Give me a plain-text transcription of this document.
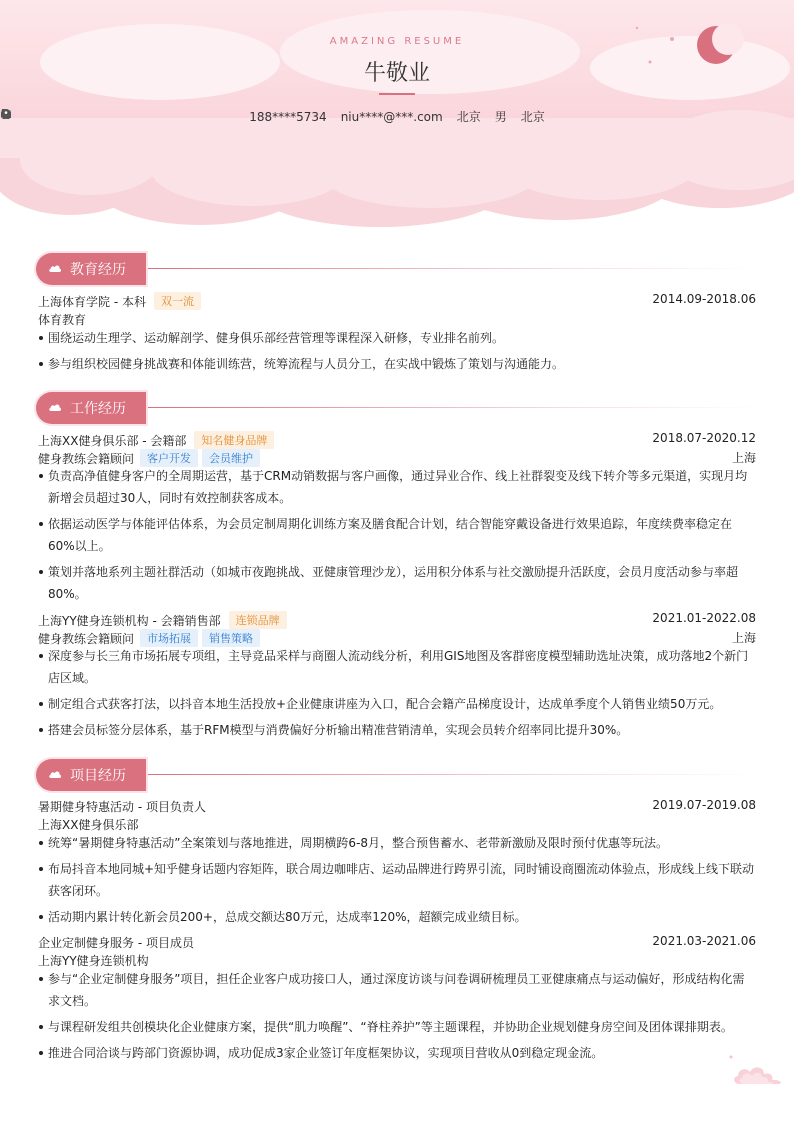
AMAZING RESUME
牛敬业
188****5734 niu****@***.com 北京 男 北京
教育经历
上海体育学院 - 本科	双一流	2014.09-2018.06
体育教育
围绕运动生理学、运动解剖学、健身俱乐部经营管理等课程深入研修，专业排名前列。
参与组织校园健身挑战赛和体能训练营，统筹流程与人员分工，在实战中锻炼了策划与沟通能力。
工作经历
上海XX健身俱乐部 - 会籍部	知名健身品牌	2018.07-2020.12
健身教练会籍顾问	客户开发	会员维护	上海
负责高净值健身客户的全周期运营，基于CRM动销数据与客户画像，通过异业合作、线上社群裂变及线下转介等多元渠道，实现月均新增会员超过30人，同时有效控制获客成本。
依据运动医学与体能评估体系，为会员定制周期化训练方案及膳食配合计划，结合智能穿戴设备进行效果追踪，年度续费率稳定在60%以上。
策划并落地系列主题社群活动（如城市夜跑挑战、亚健康管理沙龙），运用积分体系与社交激励提升活跃度，会员月度活动参与率超80%。
上海YY健身连锁机构 - 会籍销售部	连锁品牌	2021.01-2022.08
健身教练会籍顾问	市场拓展	销售策略	上海
深度参与长三角市场拓展专项组，主导竞品采样与商圈人流动线分析，利用GIS地图及客群密度模型辅助选址决策，成功落地2个新门店区域。
制定组合式获客打法，以抖音本地生活投放+企业健康讲座为入口，配合会籍产品梯度设计，达成单季度个人销售业绩50万元。
搭建会员标签分层体系，基于RFM模型与消费偏好分析输出精准营销清单，实现会员转介绍率同比提升30%。
项目经历
暑期健身特惠活动 - 项目负责人	2019.07-2019.08
上海XX健身俱乐部
统筹“暑期健身特惠活动”全案策划与落地推进，周期横跨6-8月，整合预售蓄水、老带新激励及限时预付优惠等玩法。
布局抖音本地同城+知乎健身话题内容矩阵，联合周边咖啡店、运动品牌进行跨界引流，同时铺设商圈流动体验点，形成线上线下联动获客闭环。
活动期内累计转化新会员200+，总成交额达80万元，达成率120%，超额完成业绩目标。
企业定制健身服务 - 项目成员	2021.03-2021.06
上海YY健身连锁机构
参与“企业定制健身服务”项目，担任企业客户成功接口人，通过深度访谈与问卷调研梳理员工亚健康痛点与运动偏好，形成结构化需求文档。
与课程研发组共创模块化企业健康方案，提供“肌力唤醒”、“脊柱养护”等主题课程，并协助企业规划健身房空间及团体课排期表。
推进合同洽谈与跨部门资源协调，成功促成3家企业签订年度框架协议，实现项目营收从0到稳定现金流。
